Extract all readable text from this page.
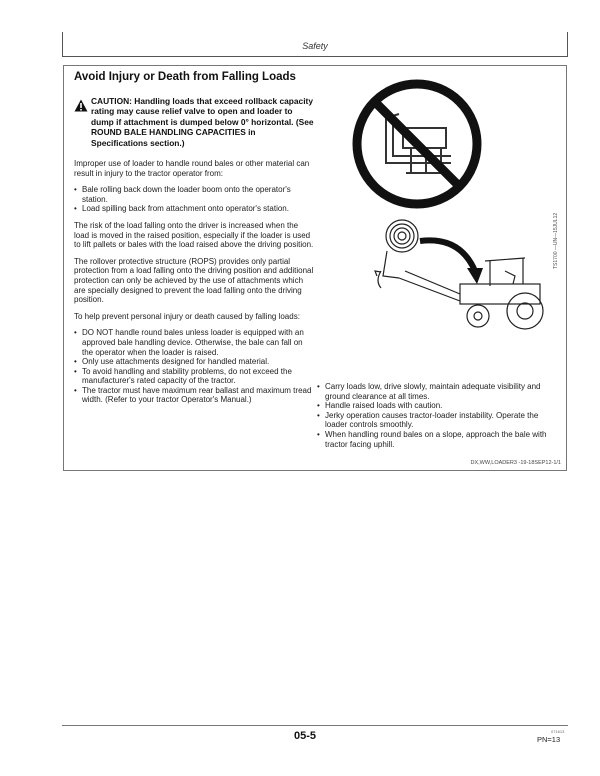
Safety
Avoid Injury or Death from Falling Loads
CAUTION: Handling loads that exceed rollback capacity rating may cause relief valve to open and loader to dump if attachment is dumped below 0° horizontal. (See ROUND BALE HANDLING CAPACITIES in Specifications section.)

Improper use of loader to handle round bales or other material can result in injury to the tractor operator from:

• Bale rolling back down the loader boom onto the operator's station.
• Load spilling back from attachment onto operator's station.

The risk of the load falling onto the driver is increased when the load is moved in the raised position, especially if the loader is used to lift pallets or bales with the load raised above the driving position.

The rollover protective structure (ROPS) provides only partial protection from a load falling onto the driving position and additional protection can only be achieved by the use of attachments which are specially designed to prevent the load falling onto the driving position.

To help prevent personal injury or death caused by falling loads:

• DO NOT handle round bales unless loader is equipped with an approved bale handling device. Otherwise, the bale can fall on the operator when the loader is raised.
• Only use attachments designed for handled material.
• To avoid handling and stability problems, do not exceed the manufacturer's rated capacity of the tractor.
• The tractor must have maximum rear ballast and maximum tread width. (Refer to your tractor Operator's Manual.)
TS1700 —UN—15JUL12
• Carry loads low, drive slowly, maintain adequate visibility and ground clearance at all times.
• Handle raised loads with caution.
• Jerky operation causes tractor-loader instability. Operate the loader controls smoothly.
• When handling round bales on a slope, approach the bale with tractor facing uphill.
DX,WW,LOADER3 -19-18SEP12-1/1
05-5	071613
PN=13
